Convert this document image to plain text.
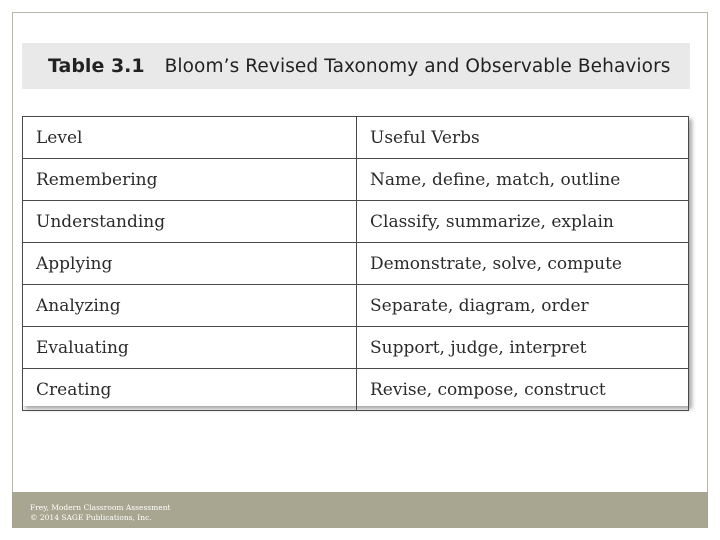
Table 3.1 Bloom’s Revised Taxonomy and Observable Behaviors
Level	Useful Verbs
Remembering	Name, define, match, outline
Understanding	Classify, summarize, explain
Applying	Demonstrate, solve, compute
Analyzing	Separate, diagram, order
Evaluating	Support, judge, interpret
Creating	Revise, compose, construct
Frey, Modern Classroom Assessment
© 2014 SAGE Publications, Inc.
